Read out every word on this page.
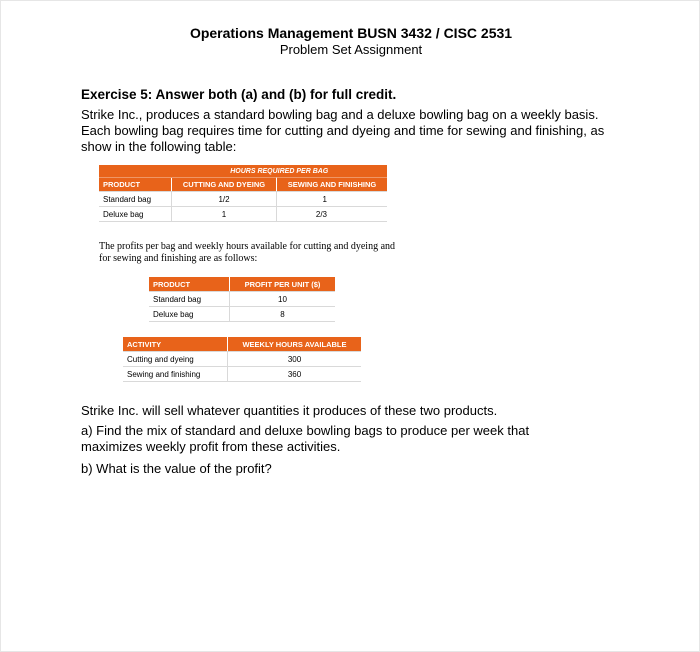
Operations Management BUSN 3432 / CISC 2531
Problem Set Assignment
Exercise 5: Answer both (a) and (b) for full credit.
Strike Inc., produces a standard bowling bag and a deluxe bowling bag on a weekly basis. Each bowling bag requires time for cutting and dyeing and time for sewing and finishing, as show in the following table:
	HOURS REQUIRED PER BAG	
PRODUCT	CUTTING AND DYEING	SEWING AND FINISHING
Standard bag	1/2	1
Deluxe bag	1	2/3
The profits per bag and weekly hours available for cutting and dyeing and for sewing and finishing are as follows:
PRODUCT	PROFIT PER UNIT ($)
Standard bag	10
Deluxe bag	8
ACTIVITY	WEEKLY HOURS AVAILABLE
Cutting and dyeing	300
Sewing and finishing	360
Strike Inc. will sell whatever quantities it produces of these two products.
a) Find the mix of standard and deluxe bowling bags to produce per week that maximizes weekly profit from these activities.
b) What is the value of the profit?
